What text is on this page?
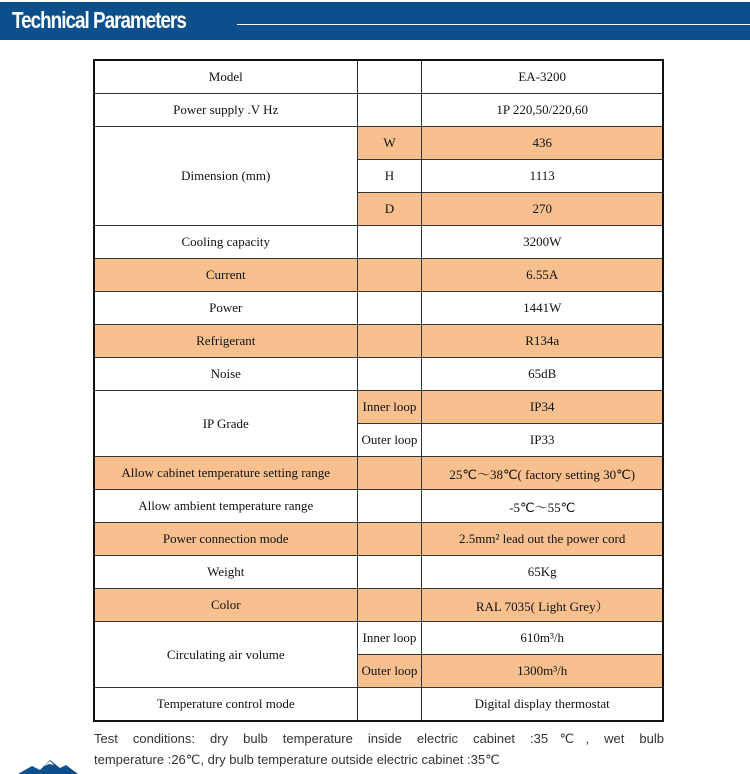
Technical Parameters
Model		EA-3200
Power supply .V Hz		1P 220,50/220,60
Dimension (mm)	W	436
	H	1113
	D	270
Cooling capacity		3200W
Current		6.55A
Power		1441W
Refrigerant		R134a
Noise		65dB
IP Grade	Inner loop	IP34
	Outer loop	IP33
Allow cabinet temperature setting range		25℃～38℃( factory setting 30℃)
Allow ambient temperature range		-5℃～55℃
Power connection mode		2.5mm² lead out the power cord
Weight		65Kg
Color		RAL 7035( Light Grey）
Circulating air volume	Inner loop	610m³/h
	Outer loop	1300m³/h
Temperature control mode		Digital display thermostat
Test conditions: dry bulb temperature inside electric cabinet :35℃, wet bulb
temperature :26℃, dry bulb temperature outside electric cabinet :35℃
